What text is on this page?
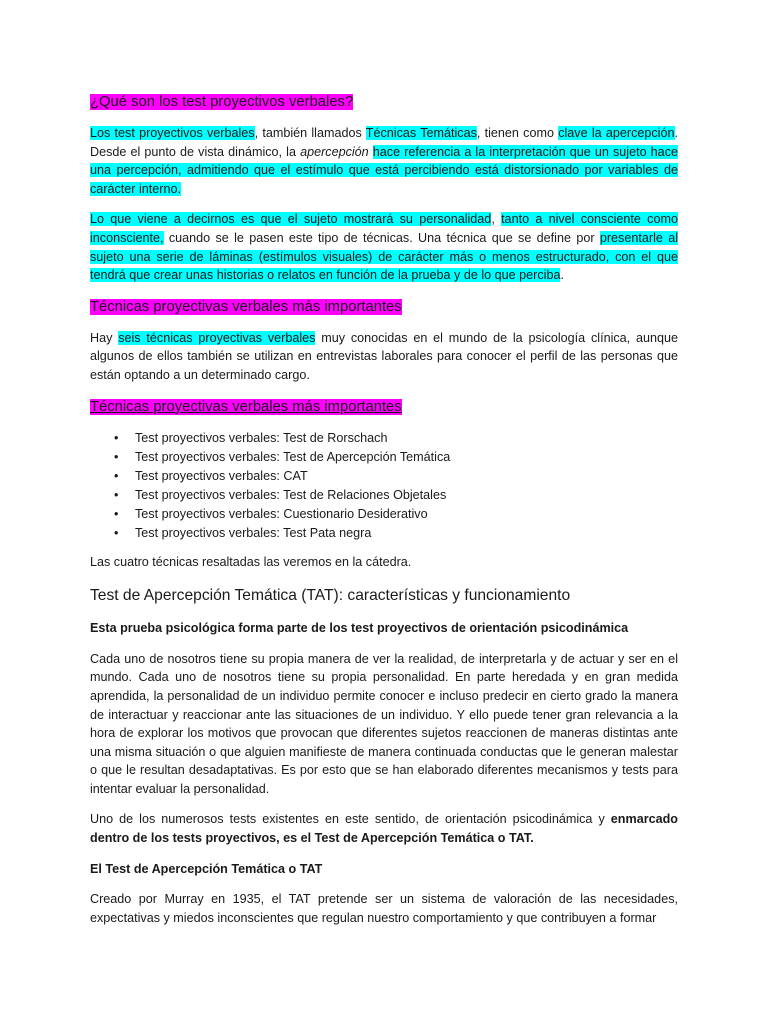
¿Qué son los test proyectivos verbales?

Los test proyectivos verbales, también llamados Técnicas Temáticas, tienen como clave la apercepción. Desde el punto de vista dinámico, la apercepción hace referencia a la interpretación que un sujeto hace una percepción, admitiendo que el estímulo que está percibiendo está distorsionado por variables de carácter interno.

Lo que viene a decirnos es que el sujeto mostrará su personalidad, tanto a nivel consciente como inconsciente, cuando se le pasen este tipo de técnicas. Una técnica que se define por presentarle al sujeto una serie de láminas (estímulos visuales) de carácter más o menos estructurado, con el que tendrá que crear unas historias o relatos en función de la prueba y de lo que perciba.

Técnicas proyectivas verbales más importantes

Hay seis técnicas proyectivas verbales muy conocidas en el mundo de la psicología clínica, aunque algunos de ellos también se utilizan en entrevistas laborales para conocer el perfil de las personas que están optando a un determinado cargo.

Técnicas proyectivas verbales más importantes
• Test proyectivos verbales: Test de Rorschach
• Test proyectivos verbales: Test de Apercepción Temática
• Test proyectivos verbales: CAT
• Test proyectivos verbales: Test de Relaciones Objetales
• Test proyectivos verbales: Cuestionario Desiderativo
• Test proyectivos verbales: Test Pata negra

Las cuatro técnicas resaltadas las veremos en la cátedra.

Test de Apercepción Temática (TAT): características y funcionamiento

Esta prueba psicológica forma parte de los test proyectivos de orientación psicodinámica

Cada uno de nosotros tiene su propia manera de ver la realidad, de interpretarla y de actuar y ser en el mundo. Cada uno de nosotros tiene su propia personalidad. En parte heredada y en gran medida aprendida, la personalidad de un individuo permite conocer e incluso predecir en cierto grado la manera de interactuar y reaccionar ante las situaciones de un individuo. Y ello puede tener gran relevancia a la hora de explorar los motivos que provocan que diferentes sujetos reaccionen de maneras distintas ante una misma situación o que alguien manifieste de manera continuada conductas que le generan malestar o que le resultan desadaptativas. Es por esto que se han elaborado diferentes mecanismos y tests para intentar evaluar la personalidad.

Uno de los numerosos tests existentes en este sentido, de orientación psicodinámica y enmarcado dentro de los tests proyectivos, es el Test de Apercepción Temática o TAT.

El Test de Apercepción Temática o TAT

Creado por Murray en 1935, el TAT pretende ser un sistema de valoración de las necesidades, expectativas y miedos inconscientes que regulan nuestro comportamiento y que contribuyen a formar
